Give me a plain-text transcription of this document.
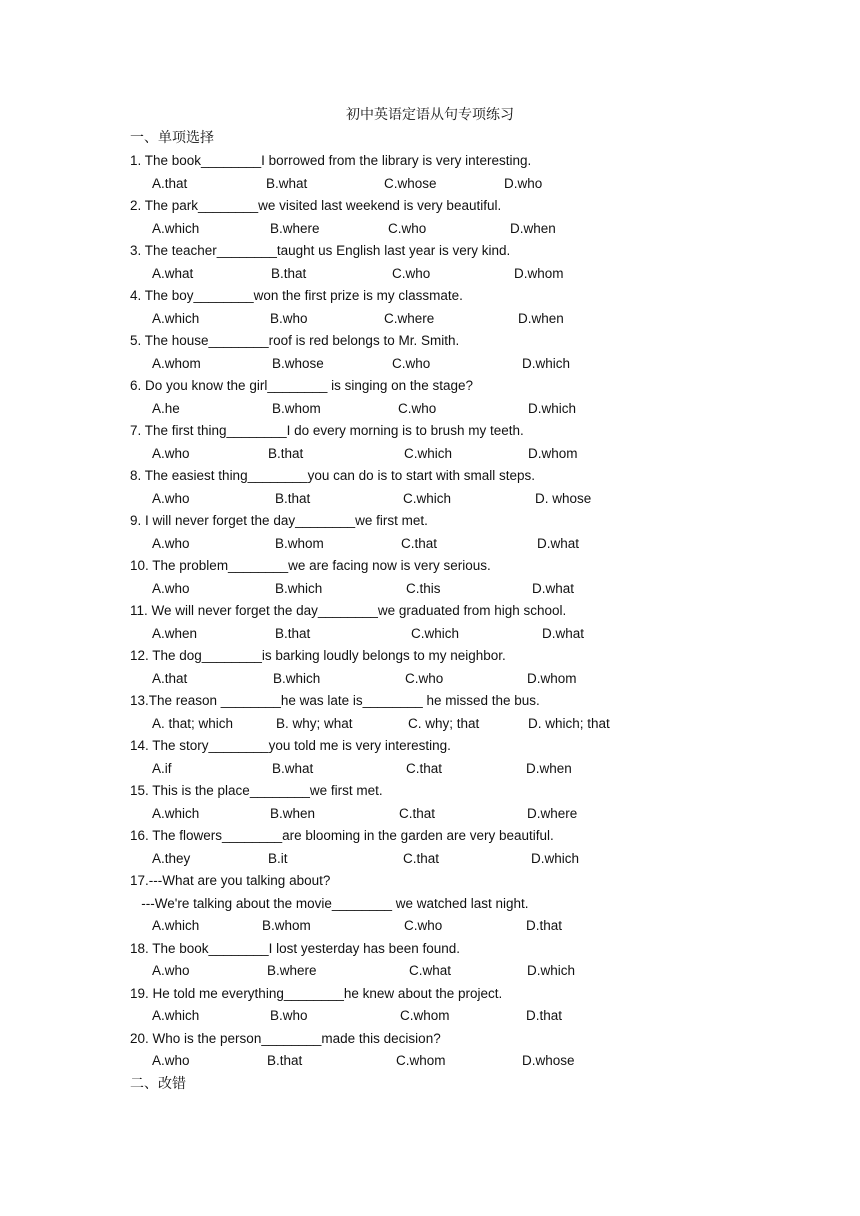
初中英语定语从句专项练习
一、单项选择
1. The book________I borrowed from the library is very interesting.
A.that	B.what	C.whose	D.who
2. The park________we visited last weekend is very beautiful.
A.which	B.where	C.who	D.when
3. The teacher________taught us English last year is very kind.
A.what	B.that	C.who	D.whom
4. The boy________won the first prize is my classmate.
A.which	B.who	C.where	D.when
5. The house________roof is red belongs to Mr. Smith.
A.whom	B.whose	C.who	D.which
6. Do you know the girl________ is singing on the stage?
A.he	B.whom	C.who	D.which
7. The first thing________I do every morning is to brush my teeth.
A.who	B.that	C.which	D.whom
8. The easiest thing________you can do is to start with small steps.
A.who	B.that	C.which	D. whose
9. I will never forget the day________we first met.
A.who	B.whom	C.that	D.what
10. The problem________we are facing now is very serious.
A.who	B.which	C.this	D.what
11. We will never forget the day________we graduated from high school.
A.when	B.that	C.which	D.what
12. The dog________is barking loudly belongs to my neighbor.
A.that	B.which	C.who	D.whom
13.The reason ________he was late is________ he missed the bus.
A. that; which	B. why; what	C. why; that	D. which; that
14. The story________you told me is very interesting.
A.if	B.what	C.that	D.when
15. This is the place________we first met.
A.which	B.when	C.that	D.where
16. The flowers________are blooming in the garden are very beautiful.
A.they	B.it	C.that	D.which
17.---What are you talking about?
---We're talking about the movie________ we watched last night.
A.which	B.whom	C.who	D.that
18. The book________I lost yesterday has been found.
A.who	B.where	C.what	D.which
19. He told me everything________he knew about the project.
A.which	B.who	C.whom	D.that
20. Who is the person________made this decision?
A.who	B.that	C.whom	D.whose
二、改错
